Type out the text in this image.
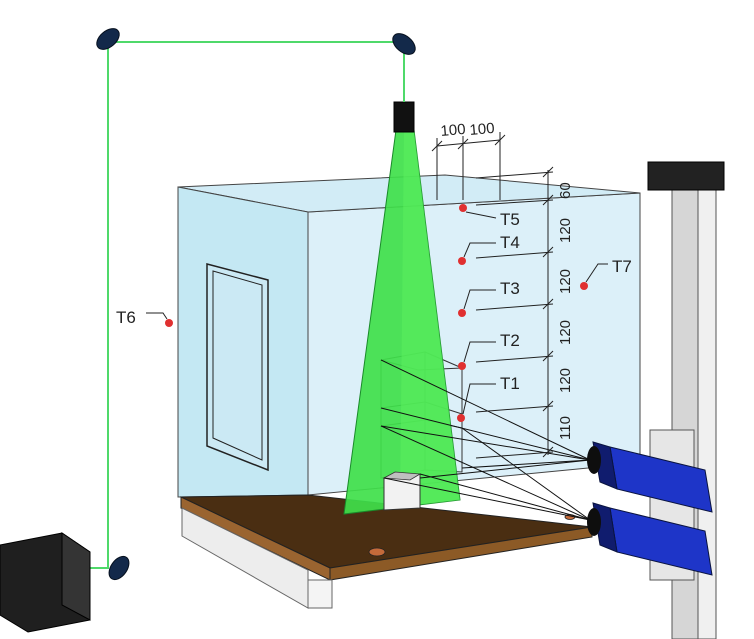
100 100
60
120
120
120
120
110
T5
T4
T3
T2
T1
T6
T7
